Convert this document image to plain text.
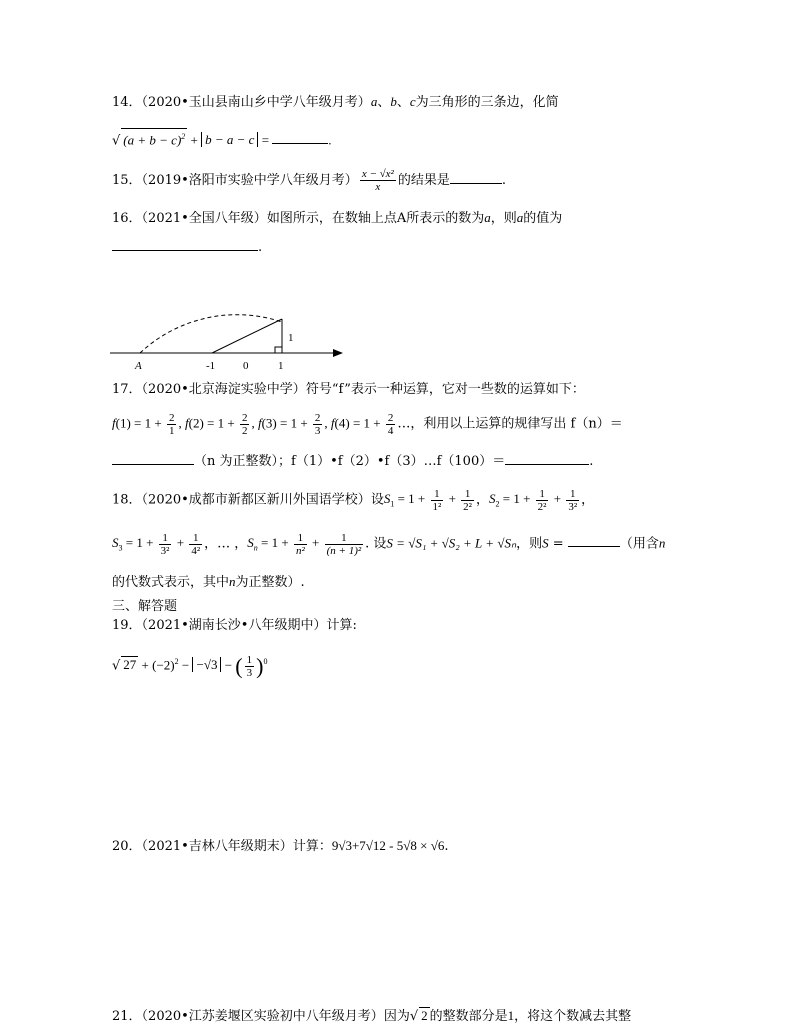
14．（2020•玉山县南山乡中学八年级月考）a、b、c为三角形的三条边，化简
√ $(a + b - c)^2 + b - a - c$ =	.
15．（2019•洛阳市实验中学八年级月考） $\frac{\text{x − √x²}}{x}$ 的结果是	.
16．（2021•全国八年级）如图所示，在数轴上点A所表示的数为a，则a的值为
.
A	-1	0	1
1
17．（2020•北京海淀实验中学）符号“f”表示一种运算，它对一些数的运算如下：
$f(1) = 1 + \frac{2}{1}$ , $f(2) = 1 + \frac{2}{2}$ , $f(3) = 1 + \frac{2}{3}$ , $f(4) = 1 + \frac{2}{4}$ …，利用以上运算的规律写出 f（n）＝
（n 为正整数）；f（1）•f（2）•f（3）…f（100）＝	.
18．（2020•成都市新都区新川外国语学校）设$S_1 = 1 + \frac{1}{\text{1²}} + \frac{1}{\text{2²}}$ ，$S_2 = 1 + \frac{1}{\text{2²}} + \frac{1}{\text{3²}}$ ，
$S_3 = 1 + \frac{1}{\text{3²}} + \frac{1}{\text{4²}}$ ，… ，$S_n = 1 + \frac{1}{\text{n²}} + \frac{1}{\text{(n + 1)²}}$ . 设S = √S₁ + √S₂ + L + √Sₙ，则S =	（用含n
的代数式表示，其中n为正整数）.
三、解答题
19．（2021•湖南长沙•八年级期中）计算:
√ $27 + (-2)^2 - -√3$ − ( $\frac{1}{3} )^0$
20．（2021•吉林八年级期末）计算：9√3+7√12 - 5√8 × √6.
21．（2020•江苏姜堰区实验初中八年级月考）因为√ 2 的整数部分是1，将这个数减去其整
